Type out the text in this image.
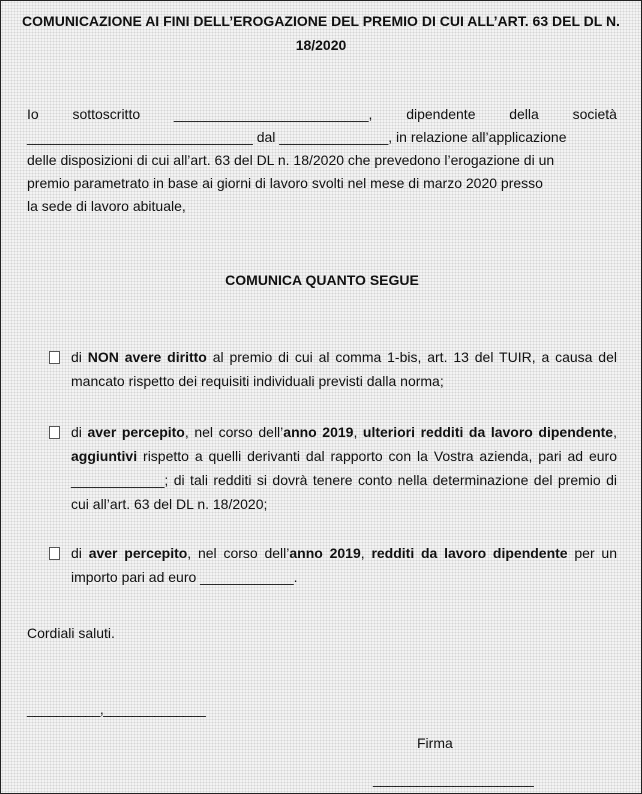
COMUNICAZIONE AI FINI DELL’EROGAZIONE DEL PREMIO DI CUI ALL’ART. 63 DEL DL N. 18/2020
Io sottoscritto _________________________, dipendente della società
_____________________________ dal ______________, in relazione all’applicazione
delle disposizioni di cui all’art. 63 del DL n. 18/2020 che prevedono l’erogazione di un
premio parametrato in base ai giorni di lavoro svolti nel mese di marzo 2020 presso
la sede di lavoro abituale,
COMUNICA QUANTO SEGUE
di NON avere diritto al premio di cui al comma 1-bis, art. 13 del TUIR, a causa del mancato rispetto dei requisiti individuali previsti dalla norma;
di aver percepito, nel corso dell’anno 2019, ulteriori redditi da lavoro dipendente, aggiuntivi rispetto a quelli derivanti dal rapporto con la Vostra azienda, pari ad euro ____________; di tali redditi si dovrà tenere conto nella determinazione del premio di cui all’art. 63 del DL n. 18/2020;
di aver percepito, nel corso dell’anno 2019, redditi da lavoro dipendente per un importo pari ad euro ____________.
Cordiali saluti.
__________,______________
Firma
______________________
